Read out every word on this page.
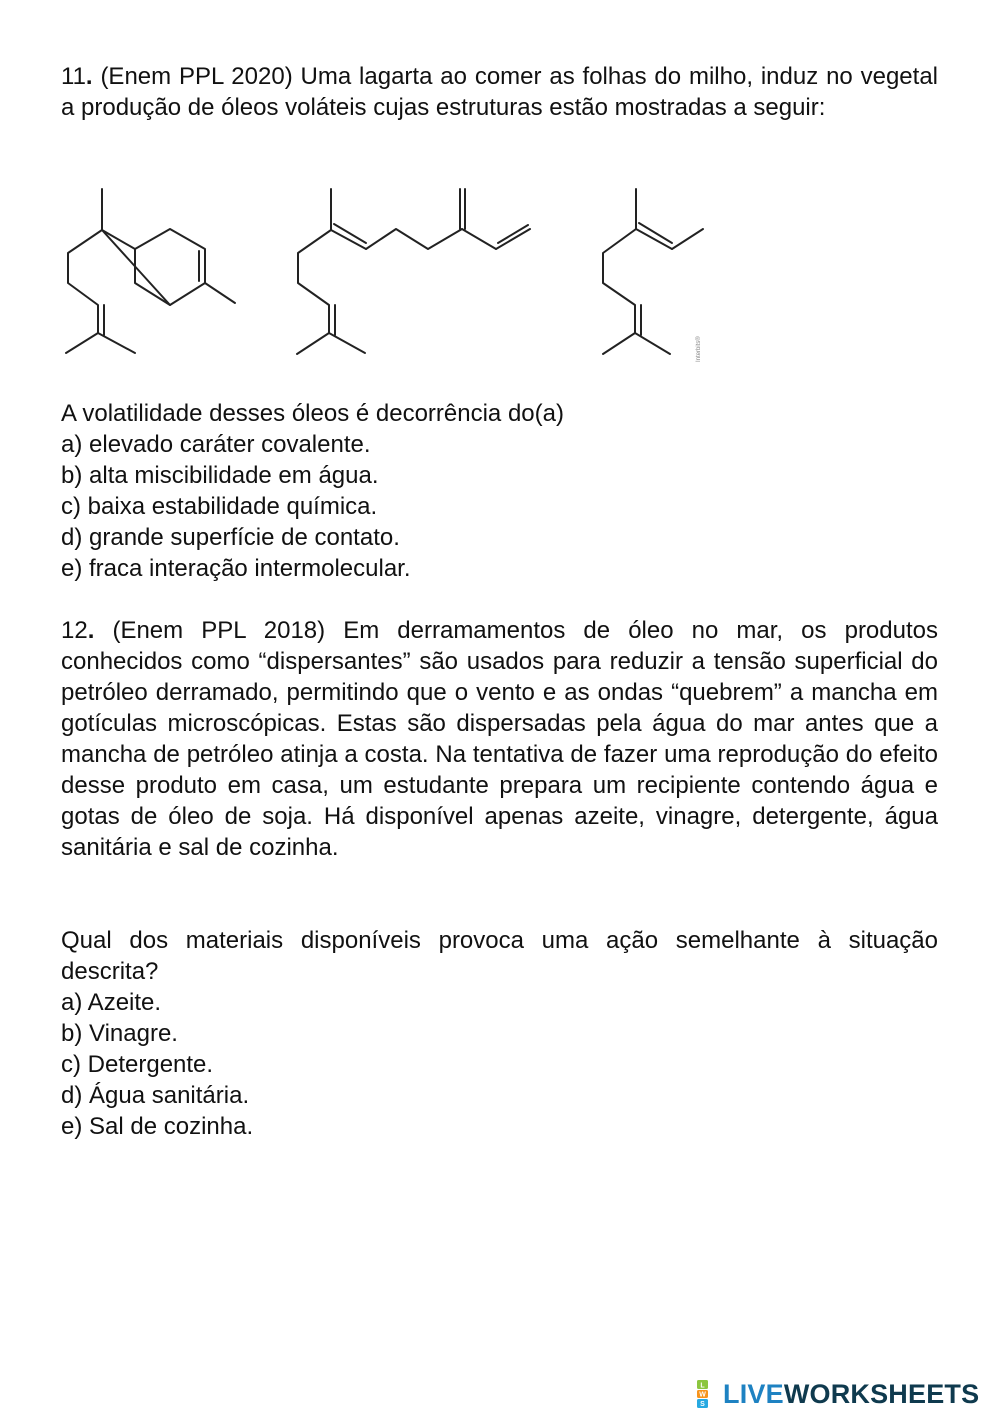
11. (Enem PPL 2020) Uma lagarta ao comer as folhas do milho, induz no vegetal a produção de óleos voláteis cujas estruturas estão mostradas a seguir:

Interbits®
A volatilidade desses óleos é decorrência do(a)
a) elevado caráter covalente.
b) alta miscibilidade em água.
c) baixa estabilidade química.
d) grande superfície de contato.
e) fraca interação intermolecular.

12. (Enem PPL 2018) Em derramamentos de óleo no mar, os produtos conhecidos como “dispersantes” são usados para reduzir a tensão superficial do petróleo derramado, permitindo que o vento e as ondas “quebrem” a mancha em gotículas microscópicas. Estas são dispersadas pela água do mar antes que a mancha de petróleo atinja a costa. Na tentativa de fazer uma reprodução do efeito desse produto em casa, um estudante prepara um recipiente contendo água e gotas de óleo de soja. Há disponível apenas azeite, vinagre, detergente, água sanitária e sal de cozinha.

Qual dos materiais disponíveis provoca uma ação semelhante à situação descrita?
a) Azeite.
b) Vinagre.
c) Detergente.
d) Água sanitária.
e) Sal de cozinha.
L
W
S LIVEWORKSHEETS
